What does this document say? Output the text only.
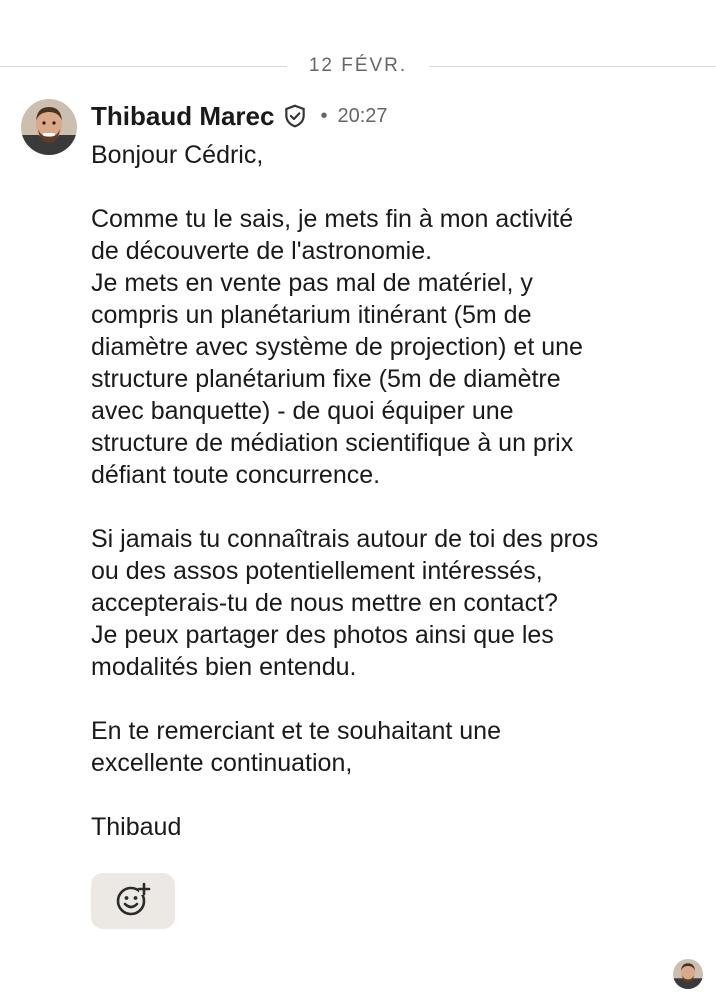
12 FÉVR.
Thibaud Marec • 20:27

Bonjour Cédric,

Comme tu le sais, je mets fin à mon activité
de découverte de l'astronomie.
Je mets en vente pas mal de matériel, y
compris un planétarium itinérant (5m de
diamètre avec système de projection) et une
structure planétarium fixe (5m de diamètre
avec banquette) - de quoi équiper une
structure de médiation scientifique à un prix
défiant toute concurrence.

Si jamais tu connaîtrais autour de toi des pros
ou des assos potentiellement intéressés,
accepterais-tu de nous mettre en contact?
Je peux partager des photos ainsi que les
modalités bien entendu.

En te remerciant et te souhaitant une
excellente continuation,

Thibaud
